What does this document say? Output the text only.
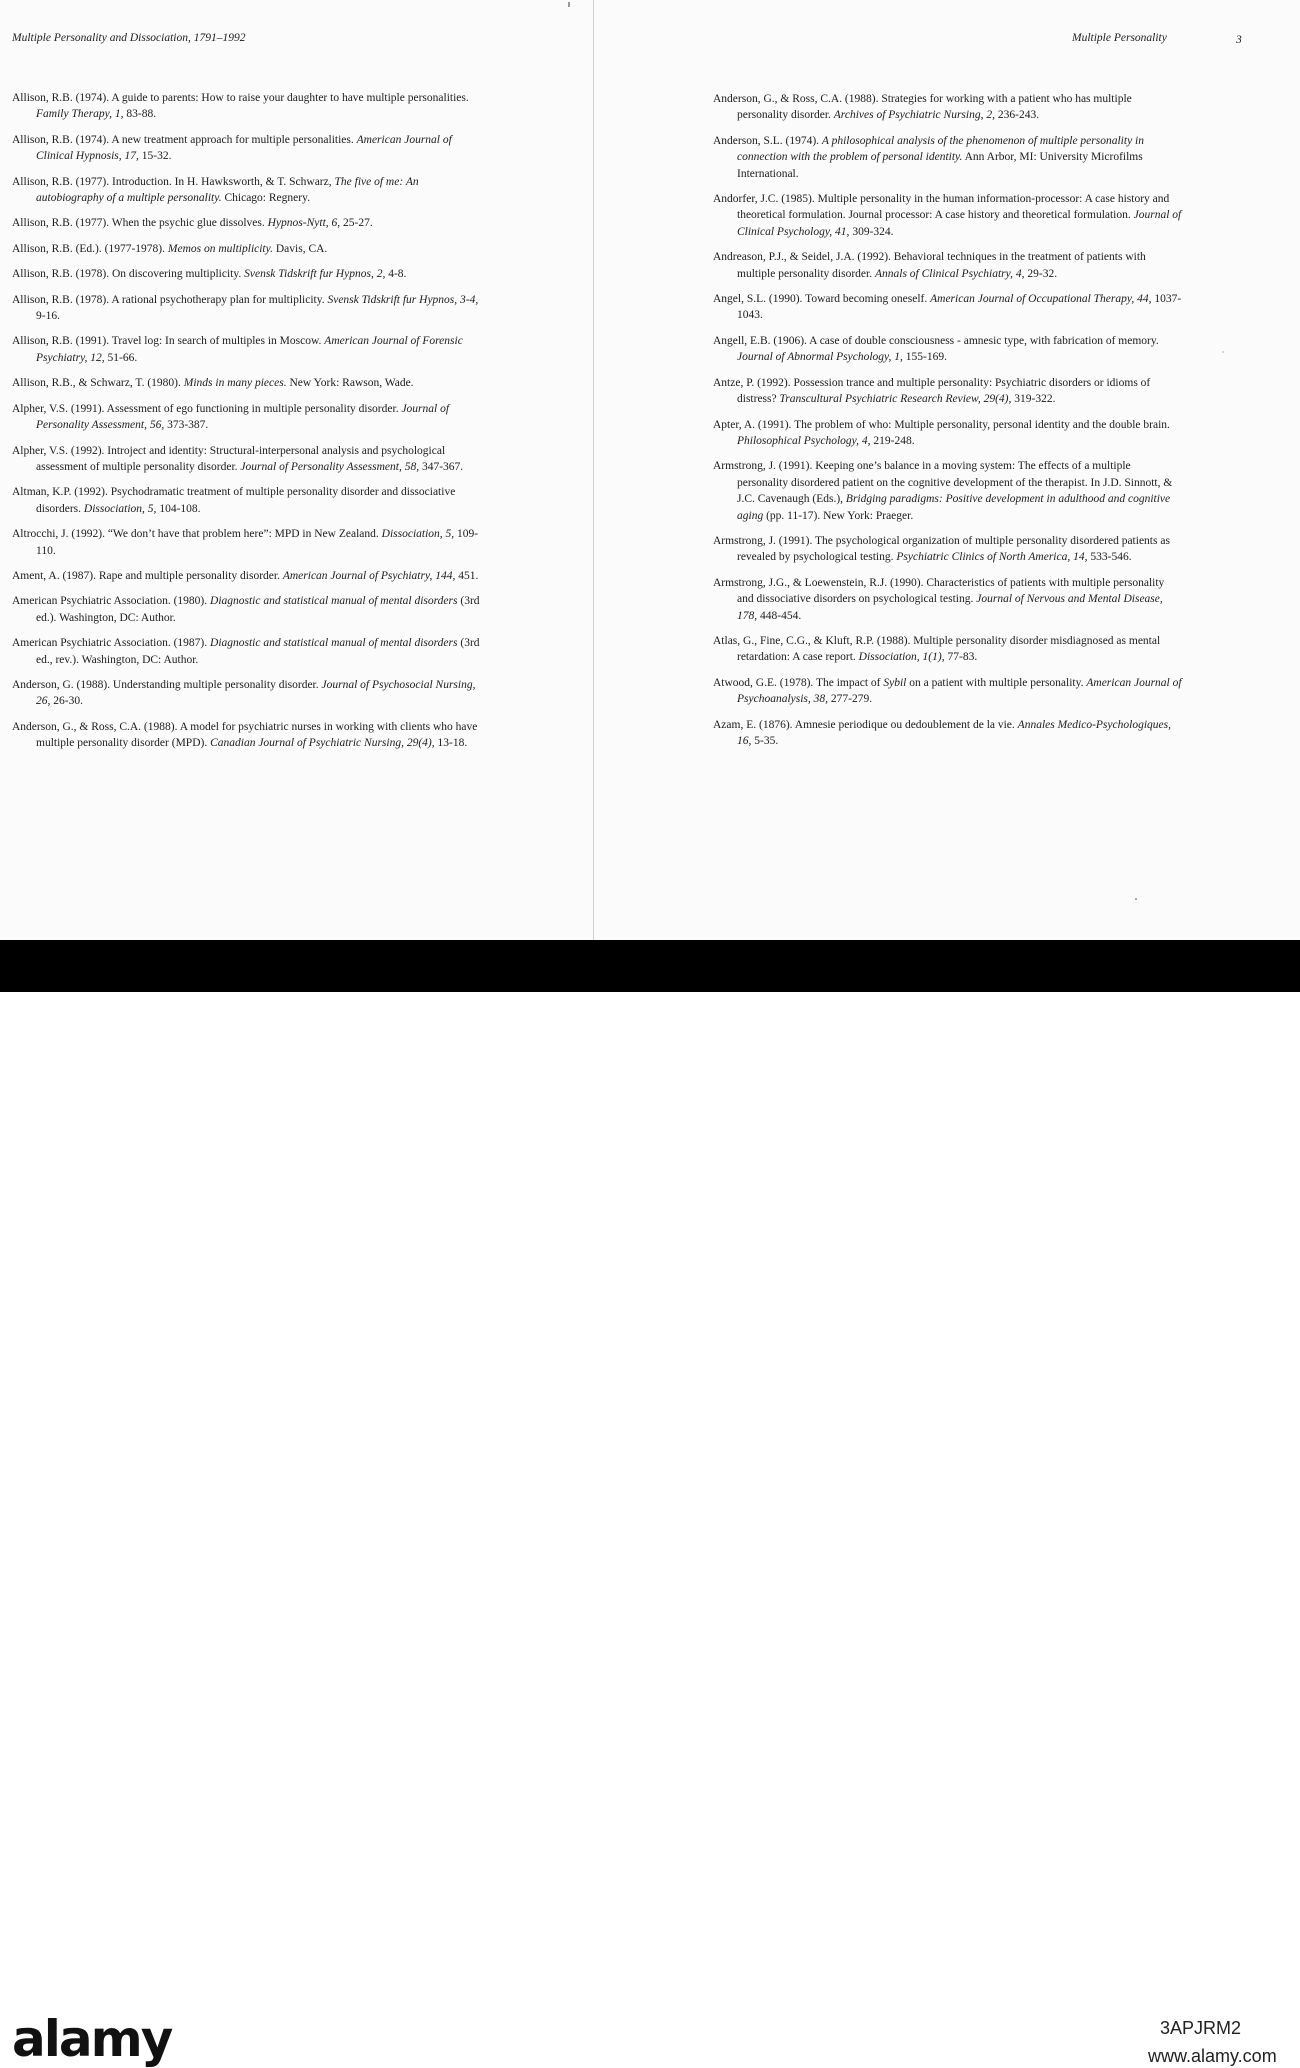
Multiple Personality and Dissociation, 1791–1992	Multiple Personality	3
Allison, R.B. (1974). A guide to parents: How to raise your daughter to have multiple personalities. Family Therapy, 1, 83-88.
Allison, R.B. (1974). A new treatment approach for multiple personalities. American Journal of Clinical Hypnosis, 17, 15-32.
Allison, R.B. (1977). Introduction. In H. Hawksworth, & T. Schwarz, The five of me: An autobiography of a multiple personality. Chicago: Regnery.
Allison, R.B. (1977). When the psychic glue dissolves. Hypnos-Nytt, 6, 25-27.
Allison, R.B. (Ed.). (1977-1978). Memos on multiplicity. Davis, CA.
Allison, R.B. (1978). On discovering multiplicity. Svensk Tidskrift fur Hypnos, 2, 4-8.
Allison, R.B. (1978). A rational psychotherapy plan for multiplicity. Svensk Tidskrift fur Hypnos, 3-4, 9-16.
Allison, R.B. (1991). Travel log: In search of multiples in Moscow. American Journal of Forensic Psychiatry, 12, 51-66.
Allison, R.B., & Schwarz, T. (1980). Minds in many pieces. New York: Rawson, Wade.
Alpher, V.S. (1991). Assessment of ego functioning in multiple personality disorder. Journal of Personality Assessment, 56, 373-387.
Alpher, V.S. (1992). Introject and identity: Structural-interpersonal analysis and psychological assessment of multiple personality disorder. Journal of Personality Assessment, 58, 347-367.
Altman, K.P. (1992). Psychodramatic treatment of multiple personality disorder and dissociative disorders. Dissociation, 5, 104-108.
Altrocchi, J. (1992). “We don’t have that problem here”: MPD in New Zealand. Dissociation, 5, 109-110.
Ament, A. (1987). Rape and multiple personality disorder. American Journal of Psychiatry, 144, 451.
American Psychiatric Association. (1980). Diagnostic and statistical manual of mental disorders (3rd ed.). Washington, DC: Author.
American Psychiatric Association. (1987). Diagnostic and statistical manual of mental disorders (3rd ed., rev.). Washington, DC: Author.
Anderson, G. (1988). Understanding multiple personality disorder. Journal of Psychosocial Nursing, 26, 26-30.
Anderson, G., & Ross, C.A. (1988). A model for psychiatric nurses in working with clients who have multiple personality disorder (MPD). Canadian Journal of Psychiatric Nursing, 29(4), 13-18.
Anderson, G., & Ross, C.A. (1988). Strategies for working with a patient who has multiple personality disorder. Archives of Psychiatric Nursing, 2, 236-243.
Anderson, S.L. (1974). A philosophical analysis of the phenomenon of multiple personality in connection with the problem of personal identity. Ann Arbor, MI: University Microfilms International.
Andorfer, J.C. (1985). Multiple personality in the human information-processor: A case history and theoretical formulation. Journal processor: A case history and theoretical formulation. Journal of Clinical Psychology, 41, 309-324.
Andreason, P.J., & Seidel, J.A. (1992). Behavioral techniques in the treatment of patients with multiple personality disorder. Annals of Clinical Psychiatry, 4, 29-32.
Angel, S.L. (1990). Toward becoming oneself. American Journal of Occupational Therapy, 44, 1037-1043.
Angell, E.B. (1906). A case of double consciousness - amnesic type, with fabrication of memory. Journal of Abnormal Psychology, 1, 155-169.
Antze, P. (1992). Possession trance and multiple personality: Psychiatric disorders or idioms of distress? Transcultural Psychiatric Research Review, 29(4), 319-322.
Apter, A. (1991). The problem of who: Multiple personality, personal identity and the double brain. Philosophical Psychology, 4, 219-248.
Armstrong, J. (1991). Keeping one’s balance in a moving system: The effects of a multiple personality disordered patient on the cognitive development of the therapist. In J.D. Sinnott, & J.C. Cavenaugh (Eds.), Bridging paradigms: Positive development in adulthood and cognitive aging (pp. 11-17). New York: Praeger.
Armstrong, J. (1991). The psychological organization of multiple personality disordered patients as revealed by psychological testing. Psychiatric Clinics of North America, 14, 533-546.
Armstrong, J.G., & Loewenstein, R.J. (1990). Characteristics of patients with multiple personality and dissociative disorders on psychological testing. Journal of Nervous and Mental Disease, 178, 448-454.
Atlas, G., Fine, C.G., & Kluft, R.P. (1988). Multiple personality disorder misdiagnosed as mental retardation: A case report. Dissociation, 1(1), 77-83.
Atwood, G.E. (1978). The impact of Sybil on a patient with multiple personality. American Journal of Psychoanalysis, 38, 277-279.
Azam, E. (1876). Amnesie periodique ou dedoublement de la vie. Annales Medico-Psychologiques, 16, 5-35.
alamy	3APJRM2
www.alamy.com
